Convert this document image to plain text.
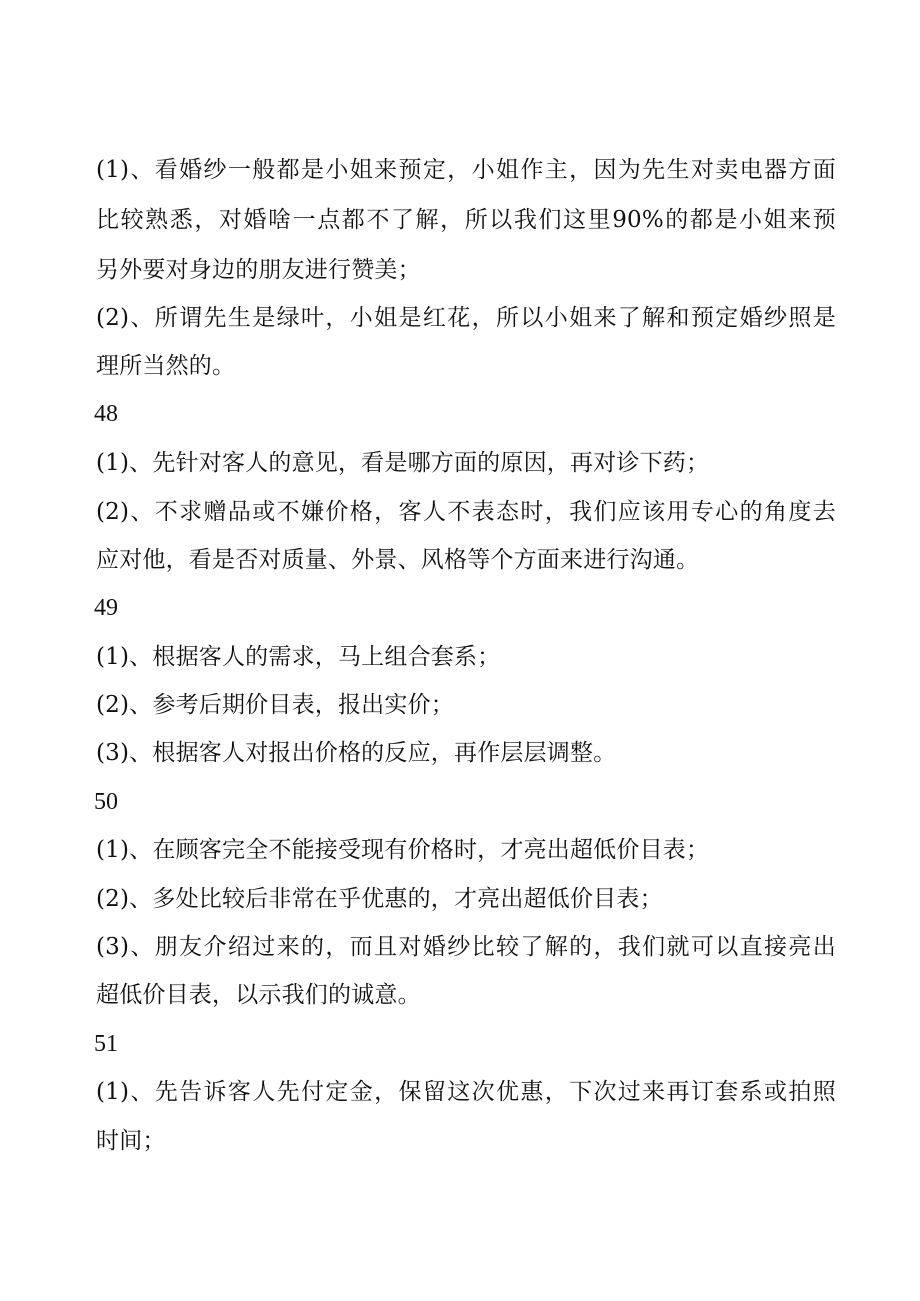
(1)、看婚纱一般都是小姐来预定，小姐作主，因为先生对卖电器方面
比较熟悉，对婚啥一点都不了解，所以我们这里90%的都是小姐来预
另外要对身边的朋友进行赞美；
(2)、所谓先生是绿叶，小姐是红花，所以小姐来了解和预定婚纱照是
理所当然的。
48
(1)、先针对客人的意见，看是哪方面的原因，再对诊下药；
(2)、不求赠品或不嫌价格，客人不表态时，我们应该用专心的角度去
应对他，看是否对质量、外景、风格等个方面来进行沟通。
49
(1)、根据客人的需求，马上组合套系；
(2)、参考后期价目表，报出实价；
(3)、根据客人对报出价格的反应，再作层层调整。
50
(1)、在顾客完全不能接受现有价格时，才亮出超低价目表；
(2)、多处比较后非常在乎优惠的，才亮出超低价目表；
(3)、朋友介绍过来的，而且对婚纱比较了解的，我们就可以直接亮出
超低价目表，以示我们的诚意。
51
(1)、先告诉客人先付定金，保留这次优惠，下次过来再订套系或拍照
时间；
